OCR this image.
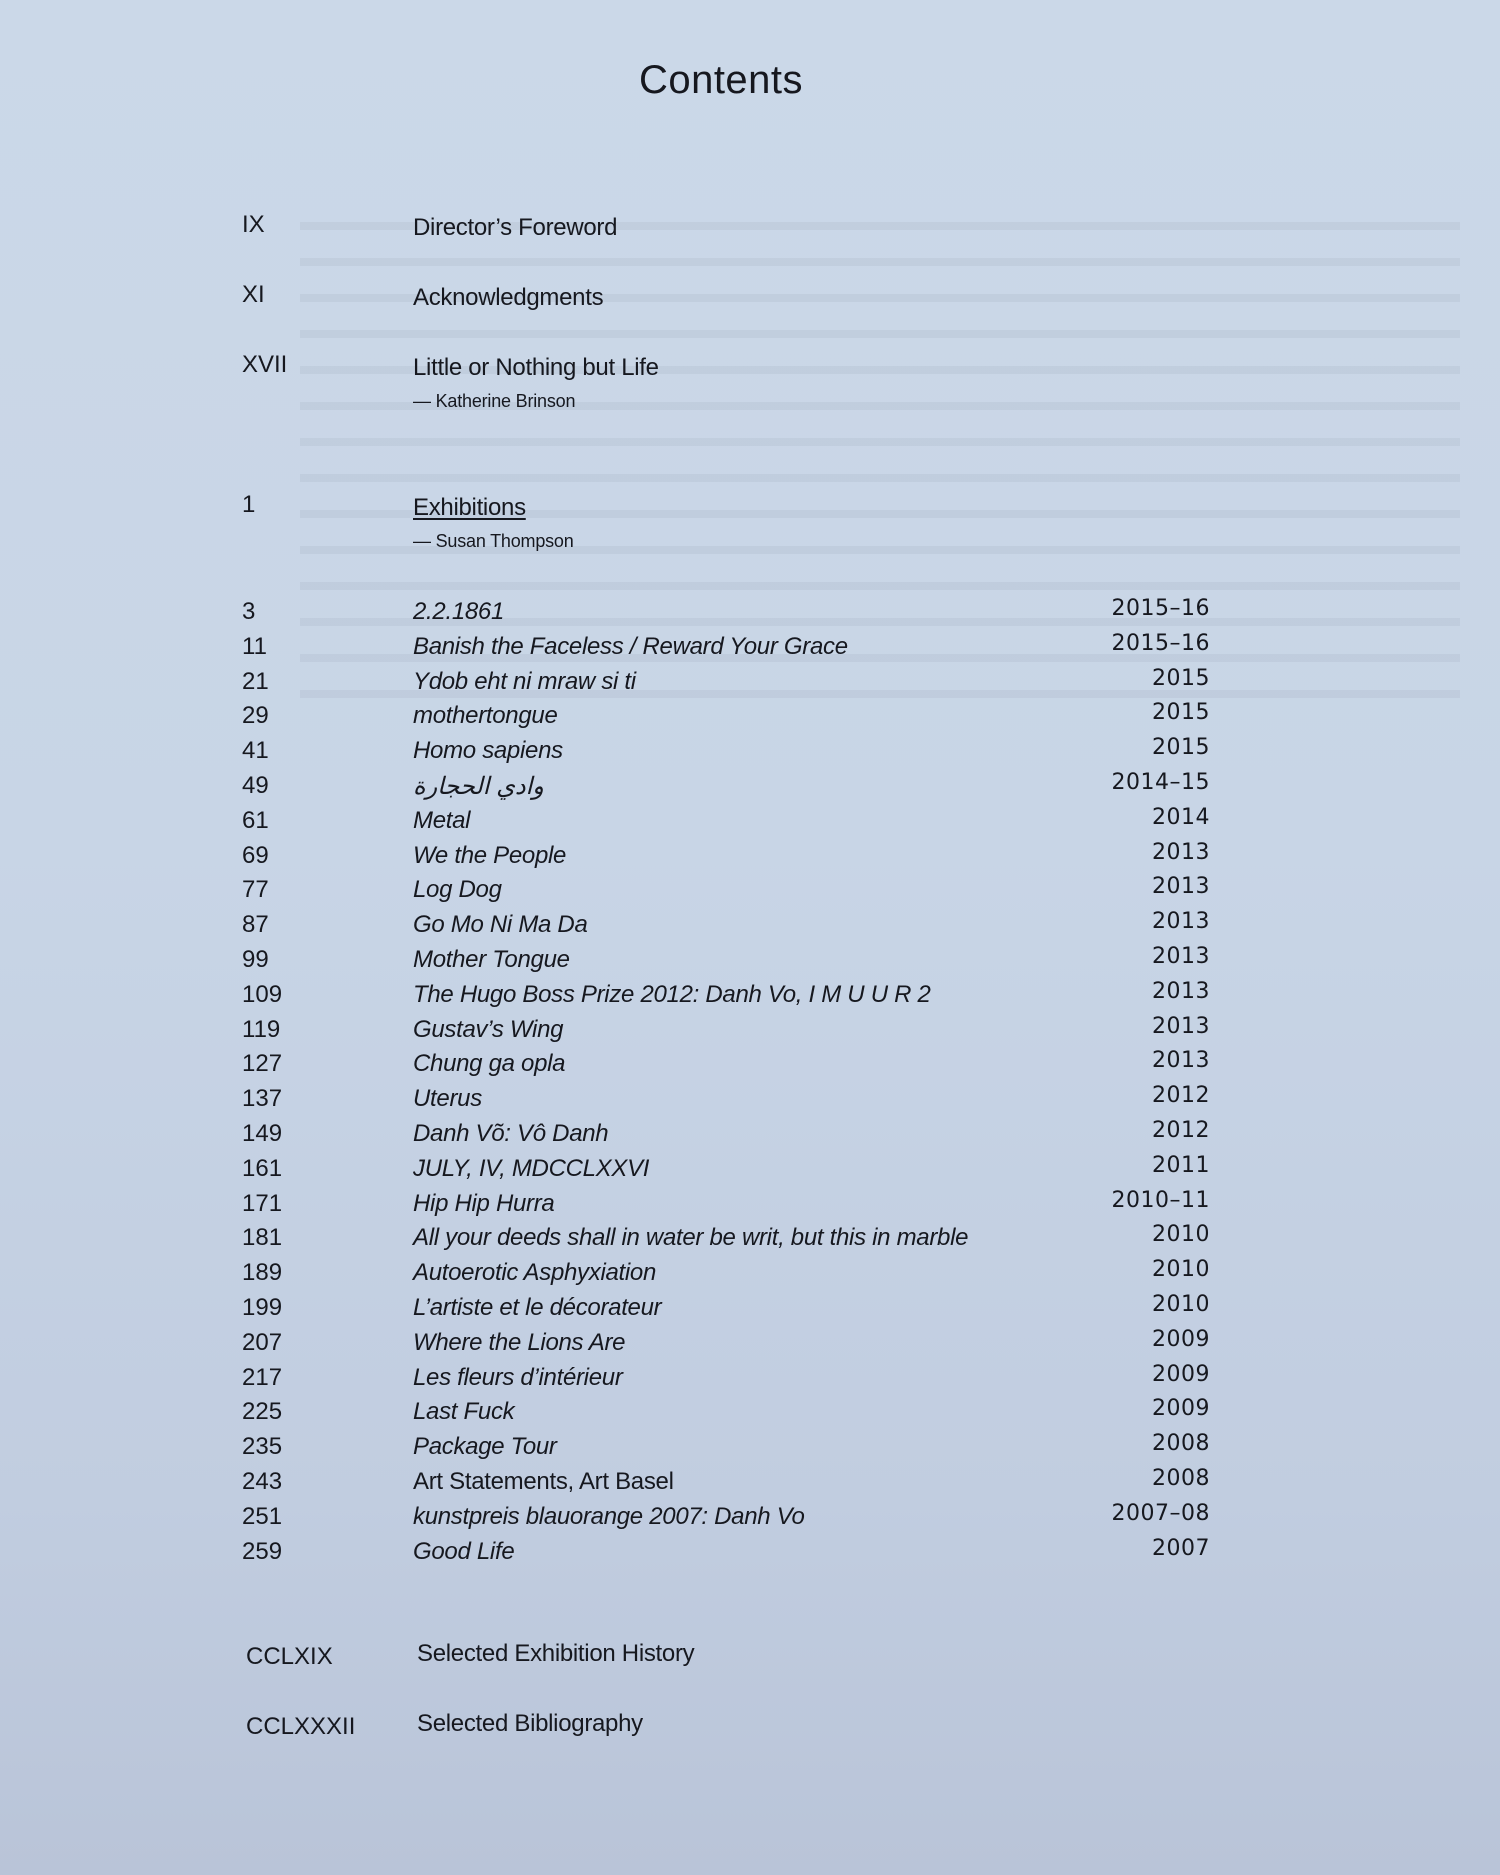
Contents
IX	Director’s Foreword
XI	Acknowledgments
XVII	Little or Nothing but Life
— Katherine Brinson
1	Exhibitions
— Susan Thompson
3	2.2.1861	2015–16
11	Banish the Faceless / Reward Your Grace	2015–16
21	Ydob eht ni mraw si ti	2015
29	mothertongue	2015
41	Homo sapiens	2015
49	وادي الحجارة	2014–15
61	Metal	2014
69	We the People	2013
77	Log Dog	2013
87	Go Mo Ni Ma Da	2013
99	Mother Tongue	2013
109	The Hugo Boss Prize 2012: Danh Vo, I M U U R 2	2013
119	Gustav’s Wing	2013
127	Chung ga opla	2013
137	Uterus	2012
149	Danh Võ: Vô Danh	2012
161	JULY, IV, MDCCLXXVI	2011
171	Hip Hip Hurra	2010–11
181	All your deeds shall in water be writ, but this in marble	2010
189	Autoerotic Asphyxiation	2010
199	L’artiste et le décorateur	2010
207	Where the Lions Are	2009
217	Les fleurs d’intérieur	2009
225	Last Fuck	2009
235	Package Tour	2008
243	Art Statements, Art Basel	2008
251	kunstpreis blauorange 2007: Danh Vo	2007–08
259	Good Life	2007
CCLXIX	Selected Exhibition History
CCLXXXII	Selected Bibliography
